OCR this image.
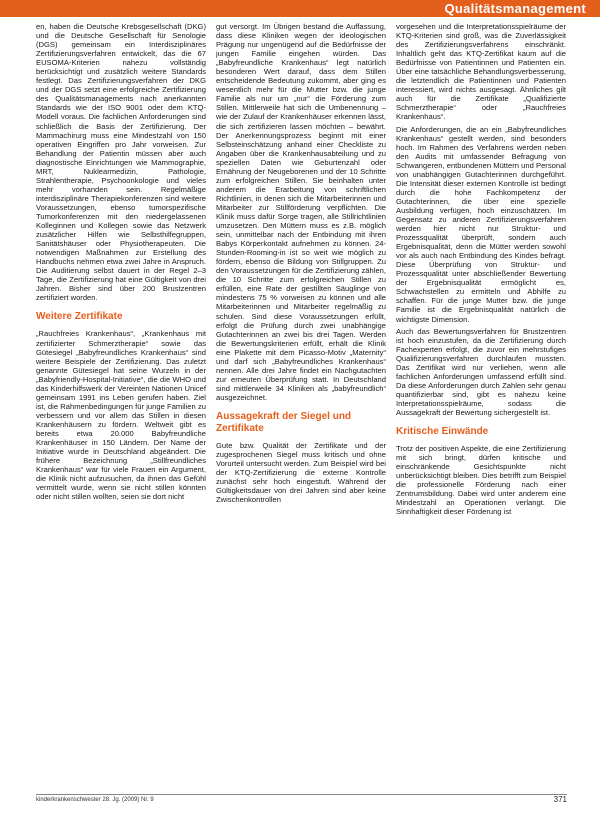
Qualitätsmanagement

en, haben die Deutsche Krebsgesellschaft (DKG) und die Deutsche Gesellschaft für Senologie (DGS) gemeinsam ein Interdisziplinäres Zertifizierungsverfahren entwickelt, das die 67 EUSOMA-Kriterien nahezu vollständig berücksichtigt und zusätzlich weitere Standards festlegt. Das Zertifizierungsverfahren der DKG und der DGS setzt eine erfolgreiche Zertifizierung des Qualitätsmanagements nach anerkannten Standards wie der ISO 9001 oder dem KTQ-Modell voraus. Die fachlichen Anforderungen sind schließlich die Basis der Zertifizierung. Der Mammachirurg muss eine Mindestzahl von 150 operativen Eingriffen pro Jahr vorweisen. Zur Behandlung der Patientin müssen aber auch diagnostische Einrichtungen wie Mammographie, MRT, Nuklearmedizin, Pathologie, Strahlentherapie, Psychoonkologie und vieles mehr vorhanden sein. Regelmäßige interdisziplinäre Therapiekonferenzen sind weitere Voraussetzungen, ebenso tumorspezifische Tumorkonferenzen mit den niedergelassenen Kolleginnen und Kollegen sowie das Netzwerk zusätzlicher Hilfen wie Selbsthilfegruppen, Sanitätshäuser oder Physiotherapeuten. Die notwendigen Maßnahmen zur Erstellung des Handbuchs nehmen etwa zwei Jahre in Anspruch. Die Auditierung selbst dauert in der Regel 2–3 Tage, die Zertifizierung hat eine Gültigkeit von drei Jahren. Bisher sind über 200 Brustzentren zertifiziert worden.

Weitere Zertifikate

„Rauchfreies Krankenhaus“, „Krankenhaus mit zertifizierter Schmerztherapie“ sowie das Gütesiegel „Babyfreundliches Krankenhaus“ sind weitere Beispiele der Zertifizierung. Das zuletzt genannte Gütesiegel hat seine Wurzeln in der „Babyfriendly-Hospital-Initiative“, die die WHO und das Kinderhilfswerk der Vereinten Nationen Unicef gemeinsam 1991 ins Leben gerufen haben. Ziel ist, die Rahmenbedingungen für junge Familien zu verbessern und vor allem das Stillen in diesen Krankenhäusern zu fördern. Weltweit gibt es bereits etwa 20.000 Babyfreundliche Krankenhäuser in 150 Ländern. Der Name der Initiative wurde in Deutschland abgeändert. Die frühere Bezeichnung „Stillfreundliches Krankenhaus“ war für viele Frauen ein Argument, die Klinik nicht aufzusuchen, da ihnen das Gefühl vermittelt wurde, wenn sie nicht stillen könnten oder nicht stillen wollten, seien sie dort nicht

gut versorgt. Im Übrigen bestand die Auffassung, dass diese Kliniken wegen der ideologischen Prägung nur ungenügend auf die Bedürfnisse der jungen Familie eingehen würden. Das „Babyfreundliche Krankenhaus“ legt natürlich besonderen Wert darauf, dass dem Stillen entscheidende Bedeutung zukommt, aber ging es wesentlich mehr für die Mutter bzw. die junge Familie als nur um „nur“ die Förderung zum Stillen. Mittlerweile hat sich die Umbenennung – wie der Zulauf der Krankenhäuser erkennen lässt, die sich zertifizieren lassen möchten – bewährt. Der Anerkennungsprozess beginnt mit einer Selbsteinschätzung anhand einer Checkliste zu Angaben über die Krankenhausabteilung und zu speziellen Daten wie Geburtenzahl oder Ernährung der Neugeborenen und der 10 Schritte zum erfolgreichen Stillen. Sie beinhalten unter anderem die Erarbeitung von schriftlichen Richtlinien, in denen sich die Mitarbeiterinnen und Mitarbeiter zur Stillförderung verpflichten. Die Klinik muss dafür Sorge tragen, alle Stillrichtlinien umzusetzen. Den Müttern muss es z.B. möglich sein, unmittelbar nach der Entbindung mit ihren Babys Körperkontakt aufnehmen zu können. 24-Stunden-Rooming-in ist so weit wie möglich zu fördern, ebenso die Bildung von Stillgruppen. Zu den Voraussetzungen für die Zertifizierung zählen, die 10 Schritte zum erfolgreichen Stillen zu erfüllen, eine Rate der gestillten Säuglinge von mindestens 75 % vorweisen zu können und alle Mitarbeiterinnen und Mitarbeiter regelmäßig zu schulen. Sind diese Voraussetzungen erfüllt, erfolgt die Prüfung durch zwei unabhängige Gutachterinnen an zwei bis drei Tagen. Werden die Bewertungskriterien erfüllt, erhält die Klinik eine Plakette mit dem Picasso-Motiv „Maternity“ und darf sich „Babyfreundliches Krankenhaus“ nennen. Alle drei Jahre findet ein Nachgutachten zur erneuten Überprüfung statt. In Deutschland sind mittlerweile 34 Kliniken als „babyfreundlich“ ausgezeichnet.

Aussagekraft der Siegel und Zertifikate

Gute bzw. Qualität der Zertifikate und der zugesprochenen Siegel muss kritisch und ohne Vorurteil untersucht werden. Zum Beispiel wird bei der KTQ-Zertifizierung die externe Kontrolle zunächst sehr hoch eingestuft. Während der Gültigkeitsdauer von drei Jahren sind aber keine Zwischenkontrollen

vorgesehen und die Interpretationsspielräume der KTQ-Kriterien sind groß, was die Zuverlässigkeit des Zertifizierungsverfahrens einschränkt. Inhaltlich geht das KTQ-Zertifikat kaum auf die Bedürfnisse von Patientinnen und Patienten ein. Über eine tatsächliche Behandlungsverbesserung, die letztendlich die Patientinnen und Patienten interessiert, wird nichts ausgesagt. Ähnliches gilt auch für die Zertifikate „Qualifizierte Schmerztherapie“ oder „Rauchfreies Krankenhaus“.

Die Anforderungen, die an ein „Babyfreundliches Krankenhaus“ gestellt werden, sind besonders hoch. Im Rahmen des Verfahrens werden neben den Audits mit umfassender Befragung von Schwangeren, entbundenen Müttern und Personal von unabhängigen Gutachterinnen durchgeführt. Die Intensität dieser externen Kontrolle ist bedingt durch die hohe Fachkompetenz der Gutachterinnen, die über eine spezielle Ausbildung verfügen, hoch einzuschätzen. Im Gegensatz zu anderen Zertifizierungsverfahren werden hier nicht nur Struktur- und Prozessqualität überprüft, sondern auch Ergebnisqualität, denn die Mütter werden sowohl vor als auch nach Entbindung des Kindes befragt. Diese Überprüfung von Struktur- und Prozessqualität unter abschließender Bewertung der Ergebnisqualität ermöglicht es, Schwachstellen zu ermitteln und Abhilfe zu schaffen. Für die junge Mutter bzw. die junge Familie ist die Ergebnisqualität natürlich die wichtigste Dimension.

Auch das Bewertungsverfahren für Brustzentren ist hoch einzustufen, da die Zertifizierung durch Fachexperten erfolgt, die zuvor ein mehrstufiges Qualifizierungsverfahren durchlaufen mussten. Das Zertifikat wird nur verliehen, wenn alle fachlichen Anforderungen umfassend erfüllt sind. Da diese Anforderungen durch Zahlen sehr genau quantifizierbar sind, gibt es nahezu keine Interpretationsspielräume, sodass die Aussagekraft der Bewertung sichergestellt ist.

Kritische Einwände

Trotz der positiven Aspekte, die eine Zertifizierung mit sich bringt, dürfen kritische und einschränkende Gesichtspunkte nicht unberücksichtigt bleiben. Dies betrifft zum Beispiel die professionelle Förderung nach einer Zentrumsbildung. Dabei wird unter anderem eine Mindestzahl an Operationen verlangt. Die Sinnhaftigkeit dieser Förderung ist

kinderkrankenschwester 28. Jg. (2009) Nr. 9	371
